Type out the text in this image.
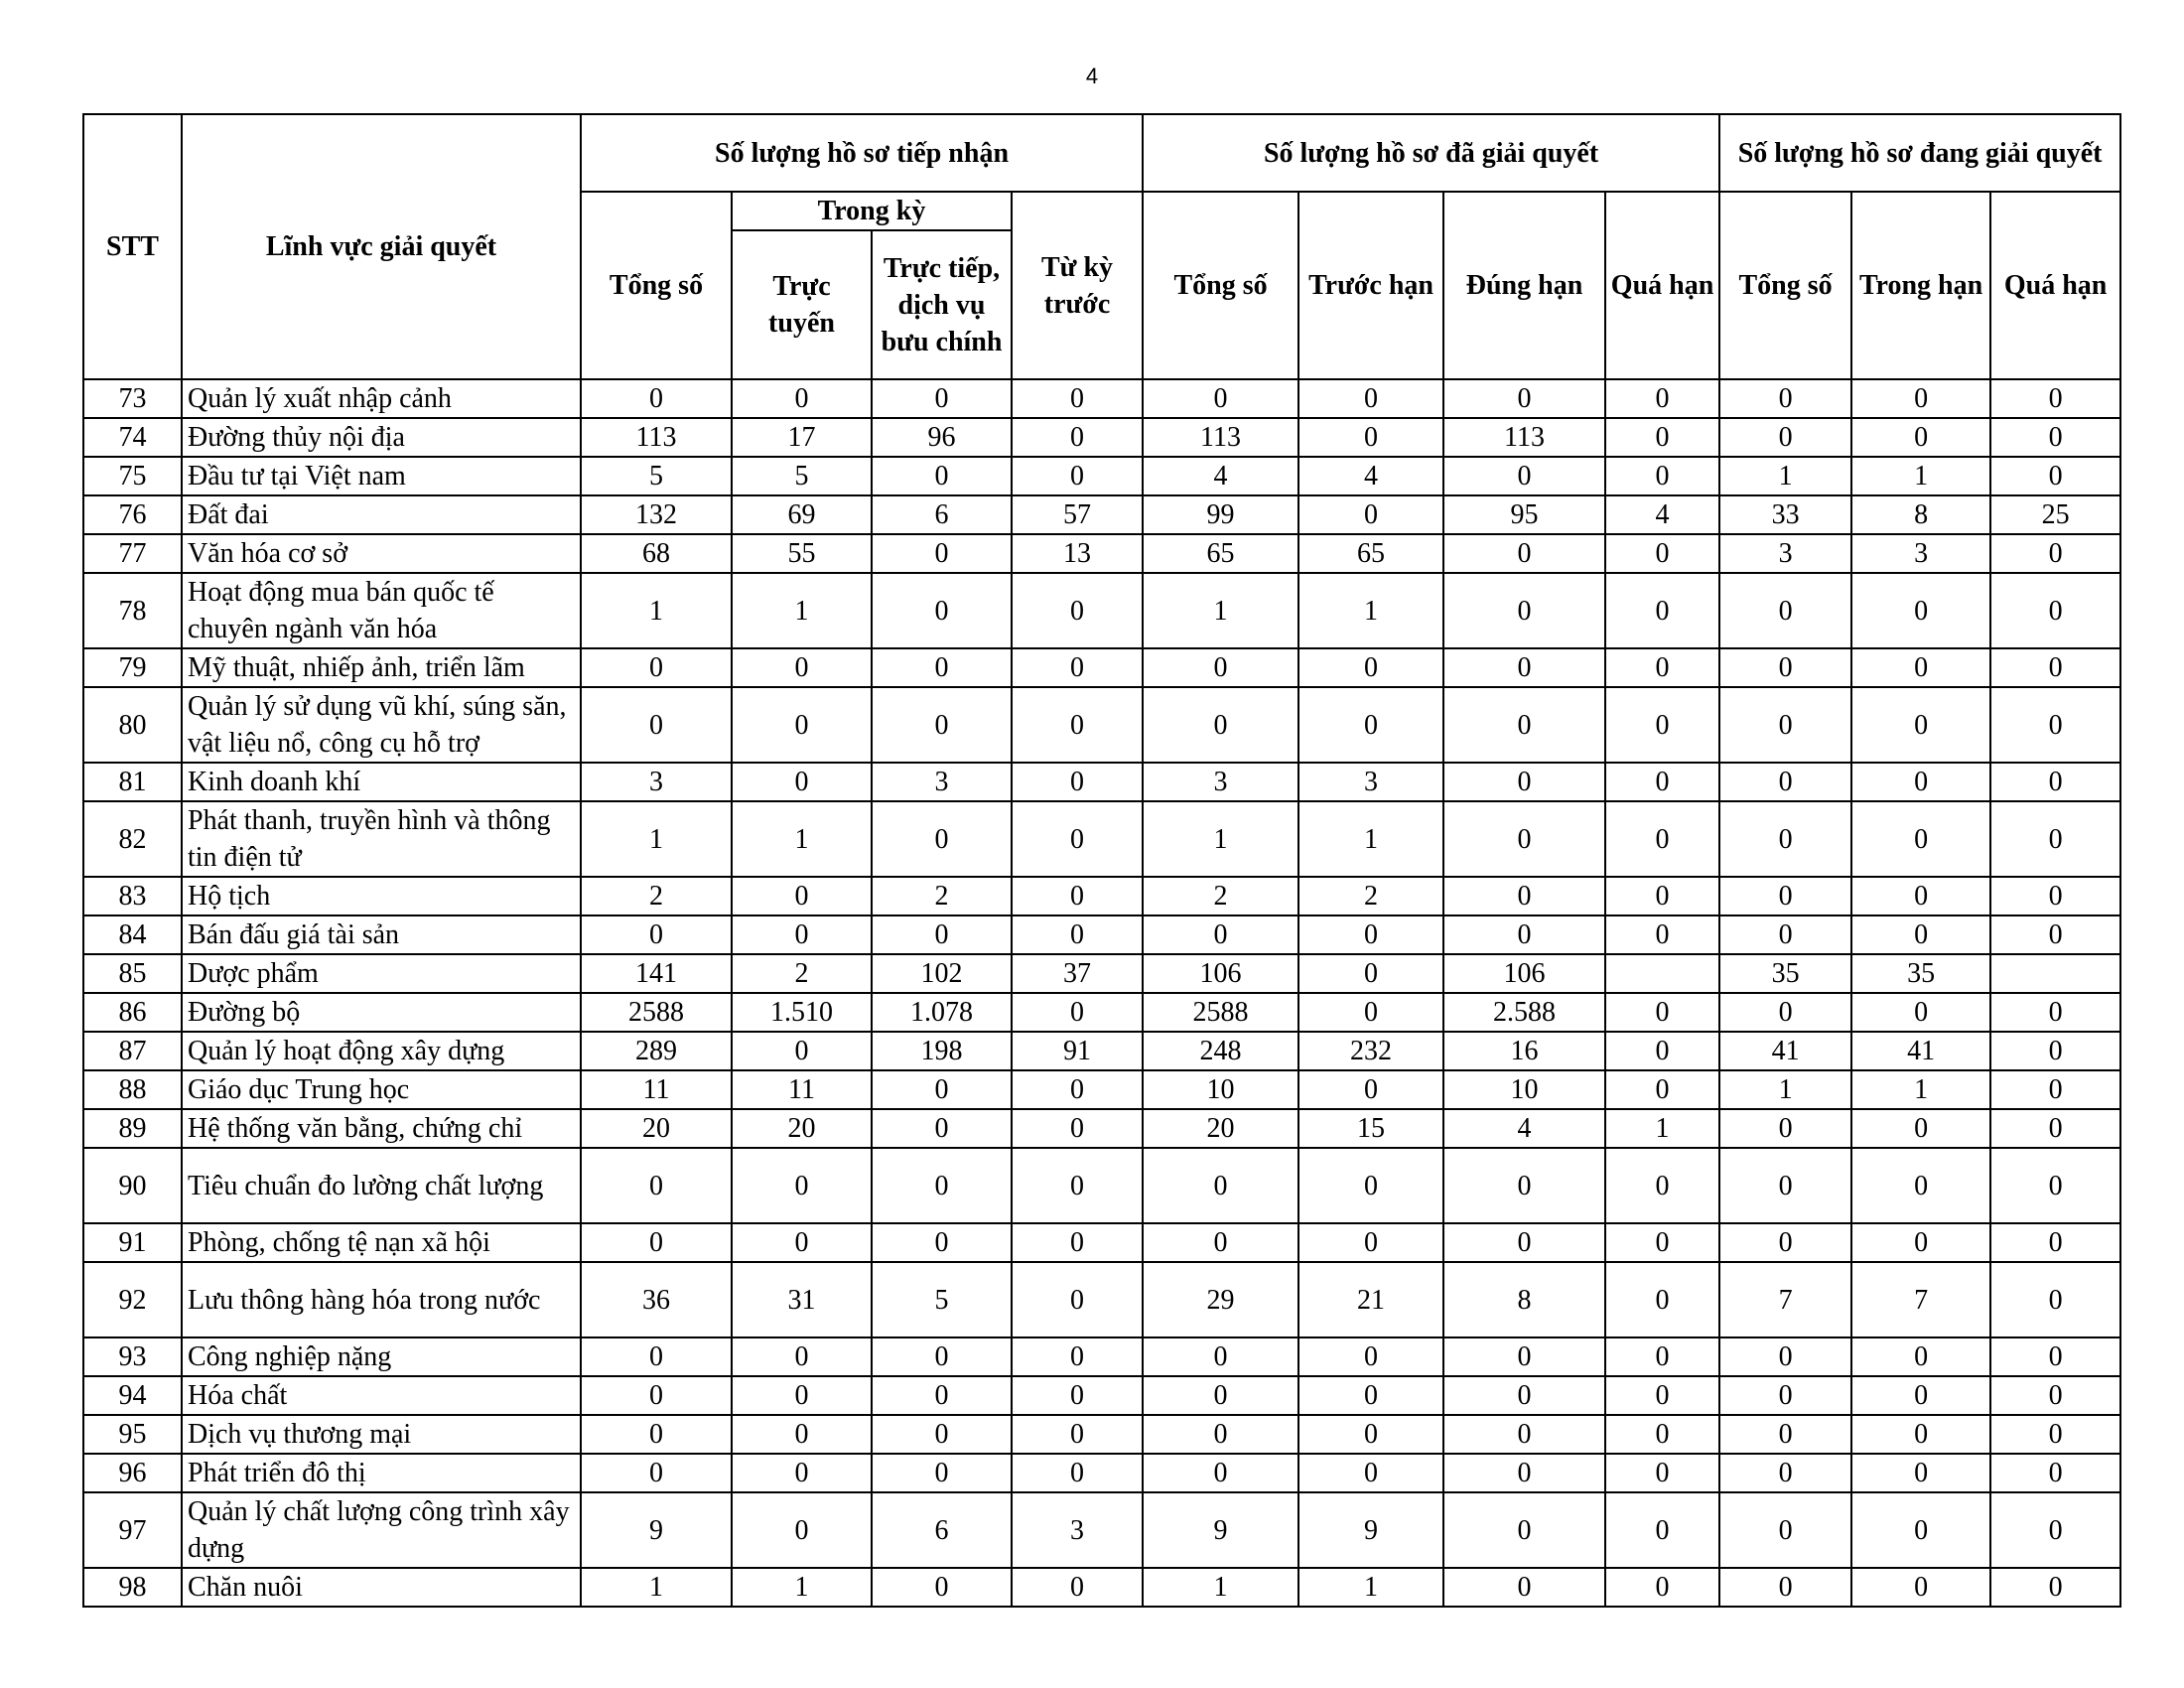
4
STT	Lĩnh vực giải quyết	Số lượng hồ sơ tiếp nhận				Số lượng hồ sơ đã giải quyết				Số lượng hồ sơ đang giải quyết		
		Tổng số	Trong kỳ		Từ kỳ trước	Tổng số	Trước hạn	Đúng hạn	Quá hạn	Tổng số	Trong hạn	Quá hạn
			Trực tuyến	Trực tiếp, dịch vụ bưu chính								
73	Quản lý xuất nhập cảnh	0	0	0	0	0	0	0	0	0	0	0
74	Đường thủy nội địa	113	17	96	0	113	0	113	0	0	0	0
75	Đầu tư tại Việt nam	5	5	0	0	4	4	0	0	1	1	0
76	Đất đai	132	69	6	57	99	0	95	4	33	8	25
77	Văn hóa cơ sở	68	55	0	13	65	65	0	0	3	3	0
78	Hoạt động mua bán quốc tế chuyên ngành văn hóa	1	1	0	0	1	1	0	0	0	0	0
79	Mỹ thuật, nhiếp ảnh, triển lãm	0	0	0	0	0	0	0	0	0	0	0
80	Quản lý sử dụng vũ khí, súng săn, vật liệu nổ, công cụ hỗ trợ	0	0	0	0	0	0	0	0	0	0	0
81	Kinh doanh khí	3	0	3	0	3	3	0	0	0	0	0
82	Phát thanh, truyền hình và thông tin điện tử	1	1	0	0	1	1	0	0	0	0	0
83	Hộ tịch	2	0	2	0	2	2	0	0	0	0	0
84	Bán đấu giá tài sản	0	0	0	0	0	0	0	0	0	0	0
85	Dược phẩm	141	2	102	37	106	0	106		35	35	
86	Đường bộ	2588	1.510	1.078	0	2588	0	2.588	0	0	0	0
87	Quản lý hoạt động xây dựng	289	0	198	91	248	232	16	0	41	41	0
88	Giáo dục Trung học	11	11	0	0	10	0	10	0	1	1	0
89	Hệ thống văn bằng, chứng chỉ	20	20	0	0	20	15	4	1	0	0	0
90	Tiêu chuẩn đo lường chất lượng	0	0	0	0	0	0	0	0	0	0	0
91	Phòng, chống tệ nạn xã hội	0	0	0	0	0	0	0	0	0	0	0
92	Lưu thông hàng hóa trong nước	36	31	5	0	29	21	8	0	7	7	0
93	Công nghiệp nặng	0	0	0	0	0	0	0	0	0	0	0
94	Hóa chất	0	0	0	0	0	0	0	0	0	0	0
95	Dịch vụ thương mại	0	0	0	0	0	0	0	0	0	0	0
96	Phát triển đô thị	0	0	0	0	0	0	0	0	0	0	0
97	Quản lý chất lượng công trình xây dựng	9	0	6	3	9	9	0	0	0	0	0
98	Chăn nuôi	1	1	0	0	1	1	0	0	0	0	0
